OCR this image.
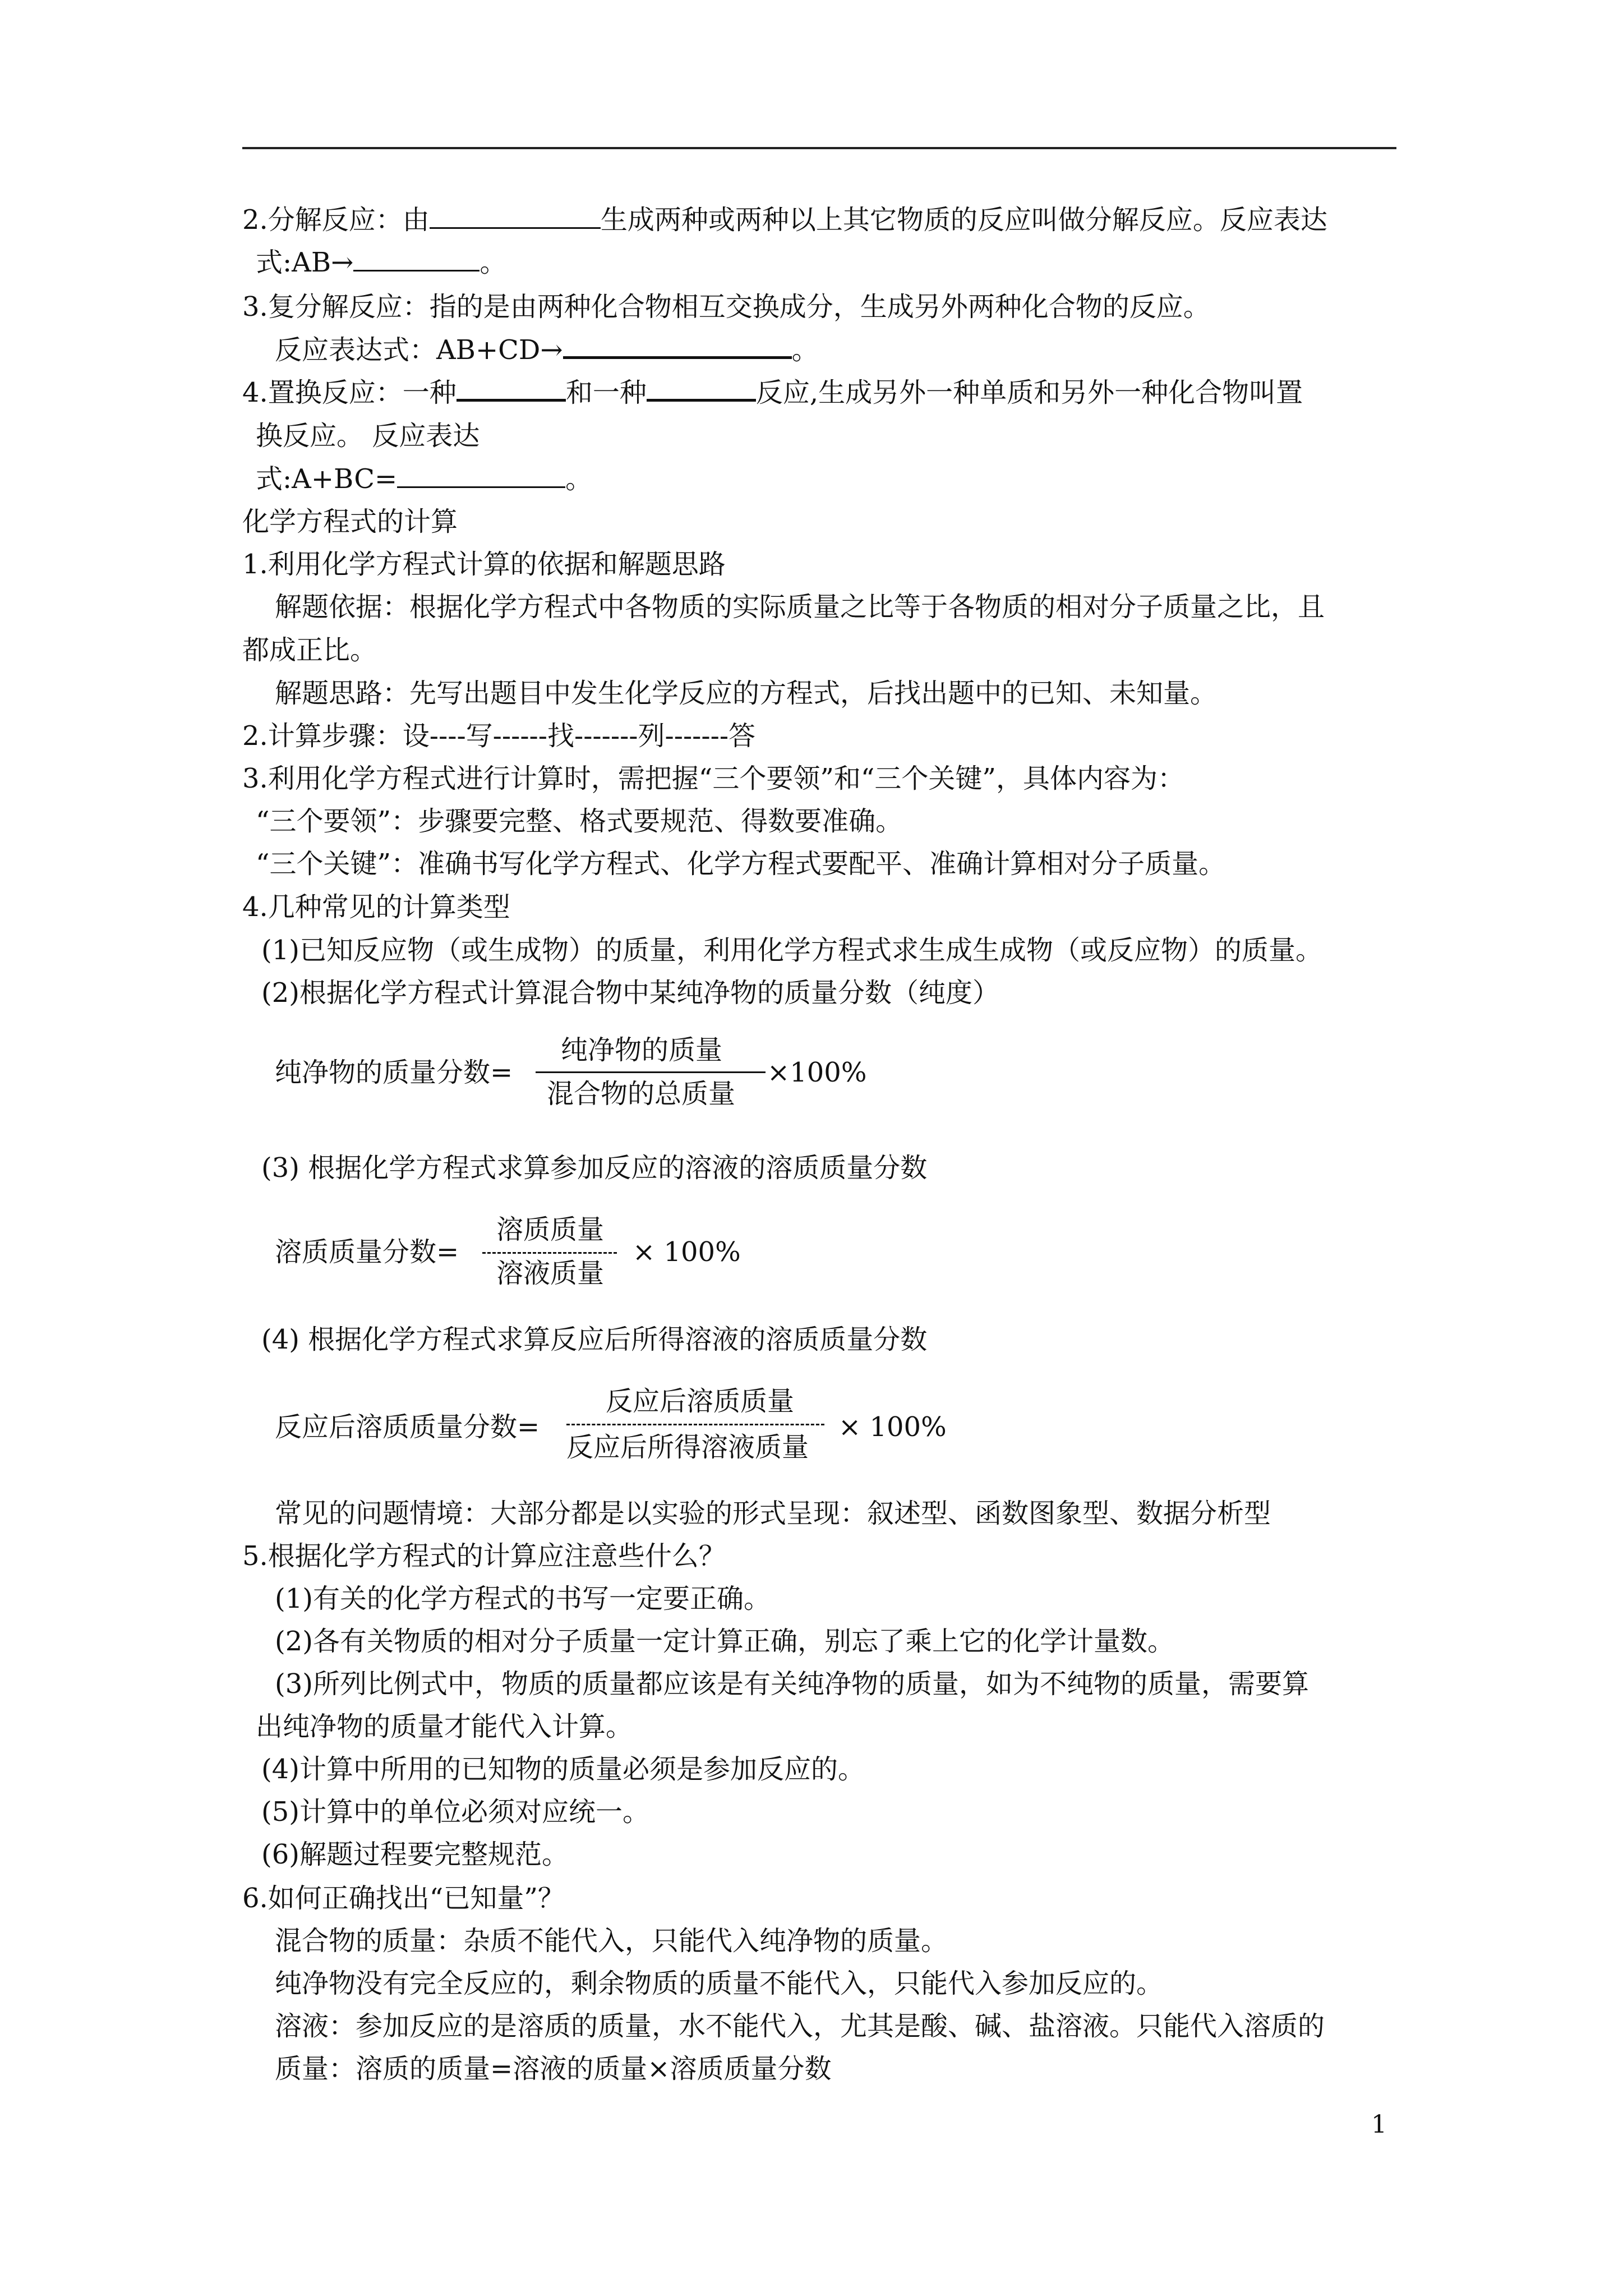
2.分解反应：由	生成两种或两种以上其它物质的反应叫做分解反应。反应表达
式:AB→	。
3.复分解反应：指的是由两种化合物相互交换成分，生成另外两种化合物的反应。
反应表达式：AB+CD→	。
4.置换反应：一种	和一种	反应,生成另外一种单质和另外一种化合物叫置
换反应。 反应表达
式:A+BC=	。
化学方程式的计算
1.利用化学方程式计算的依据和解题思路
解题依据：根据化学方程式中各物质的实际质量之比等于各物质的相对分子质量之比，且
都成正比。
解题思路：先写出题目中发生化学反应的方程式，后找出题中的已知、未知量。
2.计算步骤：设----写------找-------列-------答
3.利用化学方程式进行计算时，需把握“三个要领”和“三个关键”，具体内容为：
“三个要领”：步骤要完整、格式要规范、得数要准确。
“三个关键”：准确书写化学方程式、化学方程式要配平、准确计算相对分子质量。
4.几种常见的计算类型
(1)已知反应物（或生成物）的质量，利用化学方程式求生成生成物（或反应物）的质量。
(2)根据化学方程式计算混合物中某纯净物的质量分数（纯度）
纯净物的质量分数=
纯净物的质量
混合物的总质量
×100%
(3) 根据化学方程式求算参加反应的溶液的溶质质量分数
溶质质量分数=
溶质质量
溶液质量
× 100%
(4) 根据化学方程式求算反应后所得溶液的溶质质量分数
反应后溶质质量分数=
反应后溶质质量
反应后所得溶液质量
× 100%
常见的问题情境：大部分都是以实验的形式呈现：叙述型、函数图象型、数据分析型
5.根据化学方程式的计算应注意些什么？
(1)有关的化学方程式的书写一定要正确。
(2)各有关物质的相对分子质量一定计算正确，别忘了乘上它的化学计量数。
(3)所列比例式中，物质的质量都应该是有关纯净物的质量，如为不纯物的质量，需要算
出纯净物的质量才能代入计算。
(4)计算中所用的已知物的质量必须是参加反应的。
(5)计算中的单位必须对应统一。
(6)解题过程要完整规范。
6.如何正确找出“已知量”？
混合物的质量：杂质不能代入，只能代入纯净物的质量。
纯净物没有完全反应的，剩余物质的质量不能代入，只能代入参加反应的。
溶液：参加反应的是溶质的质量，水不能代入，尤其是酸、碱、盐溶液。只能代入溶质的
质量：溶质的质量=溶液的质量×溶质质量分数
1
